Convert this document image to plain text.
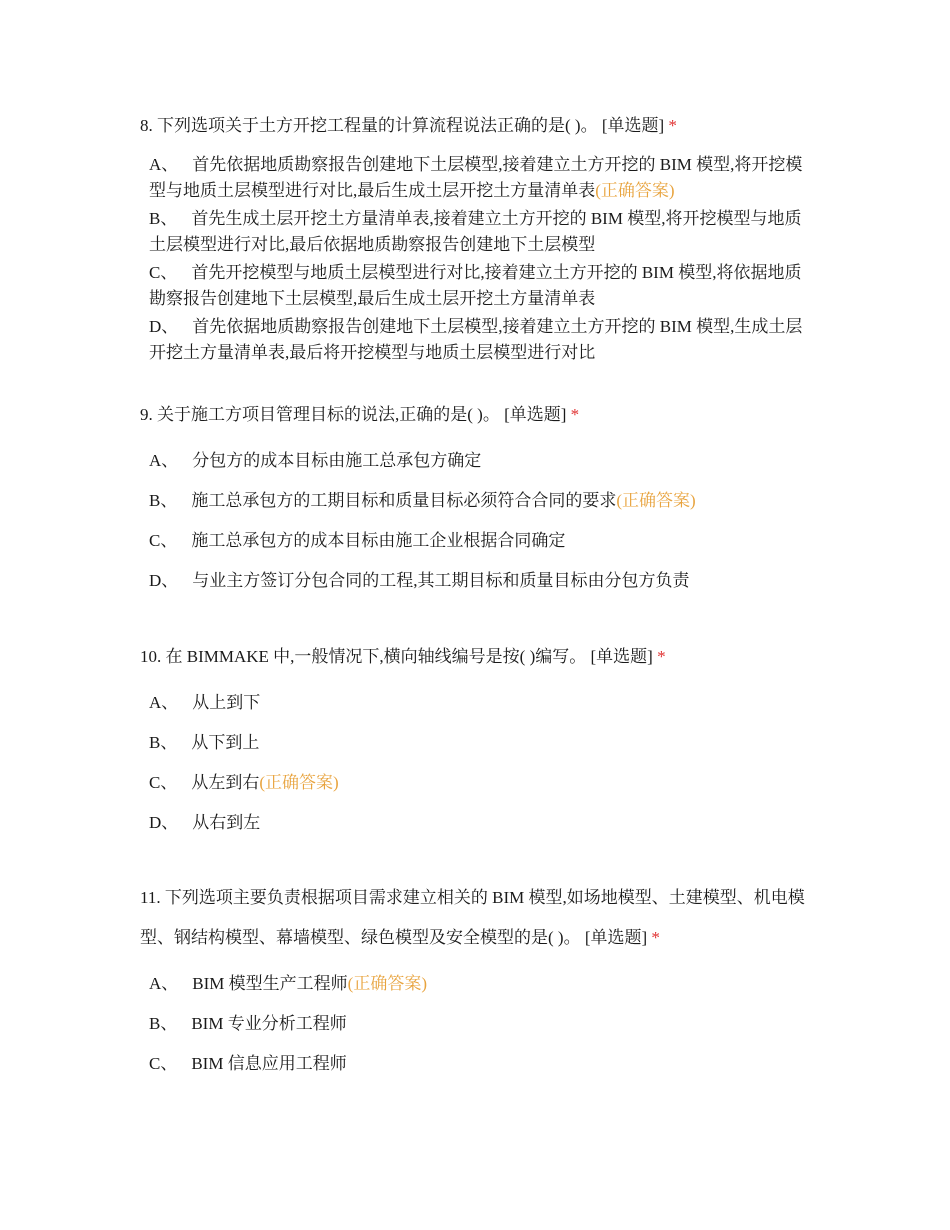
8. 下列选项关于土方开挖工程量的计算流程说法正确的是( )。 [单选题] *

A、 首先依据地质勘察报告创建地下土层模型,接着建立土方开挖的 BIM 模型,将开挖模型与地质土层模型进行对比,最后生成土层开挖土方量清单表(正确答案)

B、 首先生成土层开挖土方量清单表,接着建立土方开挖的 BIM 模型,将开挖模型与地质土层模型进行对比,最后依据地质勘察报告创建地下土层模型

C、 首先开挖模型与地质土层模型进行对比,接着建立土方开挖的 BIM 模型,将依据地质勘察报告创建地下土层模型,最后生成土层开挖土方量清单表

D、 首先依据地质勘察报告创建地下土层模型,接着建立土方开挖的 BIM 模型,生成土层开挖土方量清单表,最后将开挖模型与地质土层模型进行对比

9. 关于施工方项目管理目标的说法,正确的是( )。 [单选题] *

A、 分包方的成本目标由施工总承包方确定

B、 施工总承包方的工期目标和质量目标必须符合合同的要求(正确答案)

C、 施工总承包方的成本目标由施工企业根据合同确定

D、 与业主方签订分包合同的工程,其工期目标和质量目标由分包方负责

10. 在 BIMMAKE 中,一般情况下,横向轴线编号是按( )编写。 [单选题] *

A、 从上到下

B、 从下到上

C、 从左到右(正确答案)

D、 从右到左

11. 下列选项主要负责根据项目需求建立相关的 BIM 模型,如场地模型、土建模型、机电模型、钢结构模型、幕墙模型、绿色模型及安全模型的是( )。 [单选题] *

A、 BIM 模型生产工程师(正确答案)

B、 BIM 专业分析工程师

C、 BIM 信息应用工程师
